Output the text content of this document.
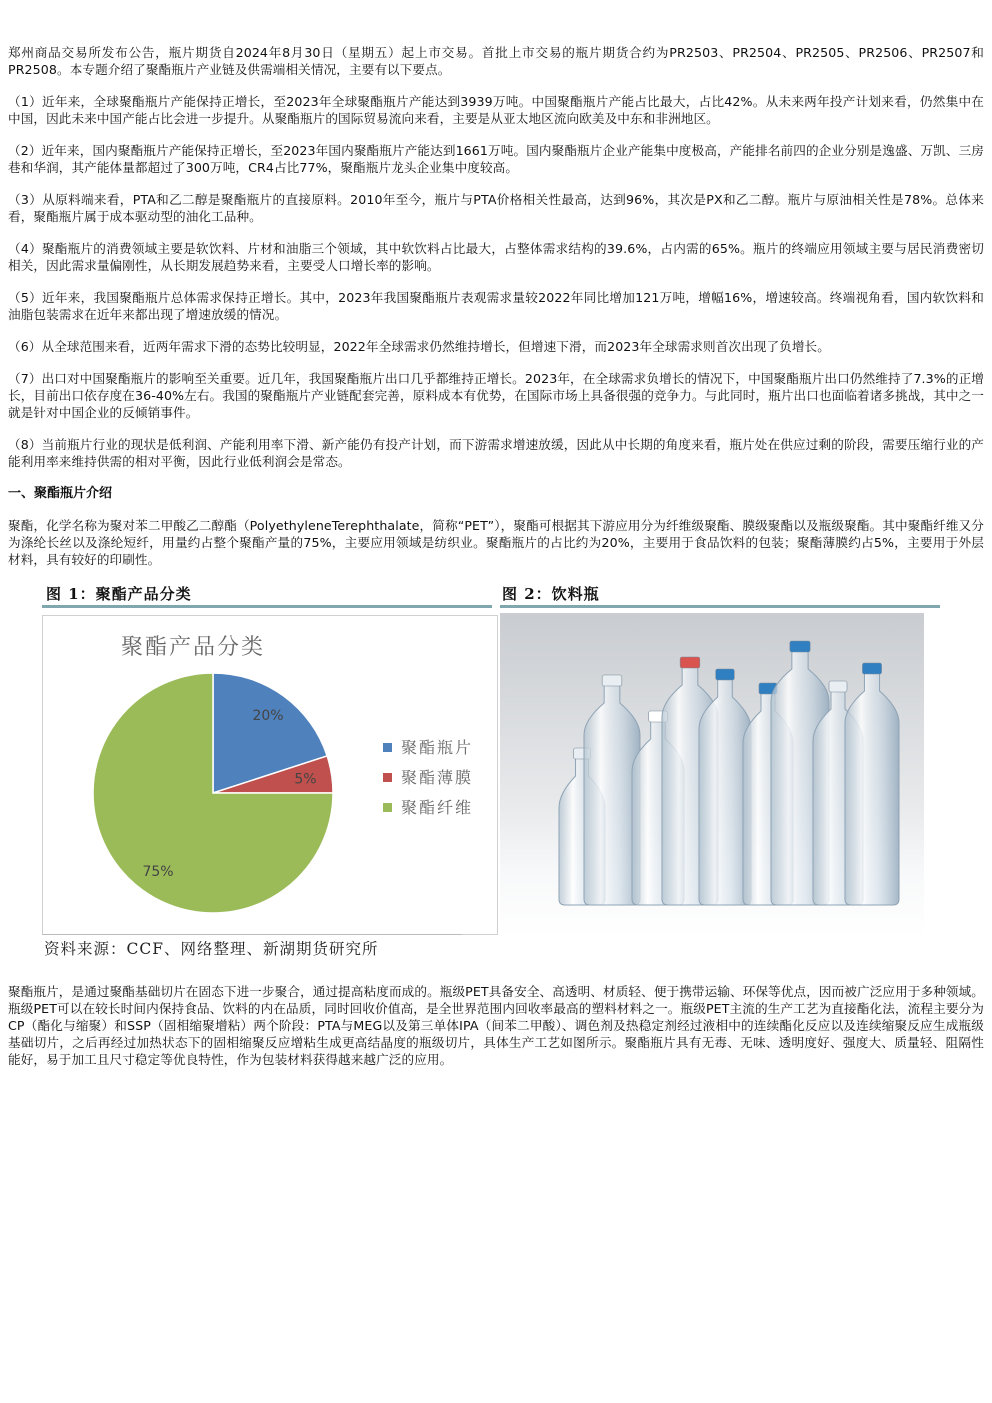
郑州商品交易所发布公告，瓶片期货自2024年8月30日（星期五）起上市交易。首批上市交易的瓶片期货合约为PR2503、PR2504、PR2505、PR2506、PR2507和PR2508。本专题介绍了聚酯瓶片产业链及供需端相关情况，主要有以下要点。

（1）近年来，全球聚酯瓶片产能保持正增长，至2023年全球聚酯瓶片产能达到3939万吨。中国聚酯瓶片产能占比最大，占比42%。从未来两年投产计划来看，仍然集中在中国，因此未来中国产能占比会进一步提升。从聚酯瓶片的国际贸易流向来看，主要是从亚太地区流向欧美及中东和非洲地区。

（2）近年来，国内聚酯瓶片产能保持正增长，至2023年国内聚酯瓶片产能达到1661万吨。国内聚酯瓶片企业产能集中度极高，产能排名前四的企业分别是逸盛、万凯、三房巷和华润，其产能体量都超过了300万吨，CR4占比77%，聚酯瓶片龙头企业集中度较高。

（3）从原料端来看，PTA和乙二醇是聚酯瓶片的直接原料。2010年至今，瓶片与PTA价格相关性最高，达到96%，其次是PX和乙二醇。瓶片与原油相关性是78%。总体来看，聚酯瓶片属于成本驱动型的油化工品种。

（4）聚酯瓶片的消费领域主要是软饮料、片材和油脂三个领域，其中软饮料占比最大，占整体需求结构的39.6%，占内需的65%。瓶片的终端应用领域主要与居民消费密切相关，因此需求量偏刚性，从长期发展趋势来看，主要受人口增长率的影响。

（5）近年来，我国聚酯瓶片总体需求保持正增长。其中，2023年我国聚酯瓶片表观需求量较2022年同比增加121万吨，增幅16%，增速较高。终端视角看，国内软饮料和油脂包装需求在近年来都出现了增速放缓的情况。

（6）从全球范围来看，近两年需求下滑的态势比较明显，2022年全球需求仍然维持增长，但增速下滑，而2023年全球需求则首次出现了负增长。

（7）出口对中国聚酯瓶片的影响至关重要。近几年，我国聚酯瓶片出口几乎都维持正增长。2023年，在全球需求负增长的情况下，中国聚酯瓶片出口仍然维持了7.3%的正增长，目前出口依存度在36-40%左右。我国的聚酯瓶片产业链配套完善，原料成本有优势，在国际市场上具备很强的竞争力。与此同时，瓶片出口也面临着诸多挑战，其中之一就是针对中国企业的反倾销事件。

（8）当前瓶片行业的现状是低利润、产能利用率下滑、新产能仍有投产计划，而下游需求增速放缓，因此从中长期的角度来看，瓶片处在供应过剩的阶段，需要压缩行业的产能利用率来维持供需的相对平衡，因此行业低利润会是常态。

一、聚酯瓶片介绍

聚酯，化学名称为聚对苯二甲酸乙二醇酯（PolyethyleneTerephthalate，简称“PET”），聚酯可根据其下游应用分为纤维级聚酯、膜级聚酯以及瓶级聚酯。其中聚酯纤维又分为涤纶长丝以及涤纶短纤，用量约占整个聚酯产量的75%，主要应用领域是纺织业。聚酯瓶片的占比约为20%，主要用于食品饮料的包装；聚酯薄膜约占5%，主要用于外层材料，具有较好的印刷性。

图 1：聚酯产品分类	图 2：饮料瓶
聚酯产品分类
20%
5%
75%
聚酯瓶片
聚酯薄膜
聚酯纤维
资料来源：CCF、网络整理、新湖期货研究所

聚酯瓶片，是通过聚酯基础切片在固态下进一步聚合，通过提高粘度而成的。瓶级PET具备安全、高透明、材质轻、便于携带运输、环保等优点，因而被广泛应用于多种领域。瓶级PET可以在较长时间内保持食品、饮料的内在品质，同时回收价值高，是全世界范围内回收率最高的塑料材料之一。瓶级PET主流的生产工艺为直接酯化法，流程主要分为CP（酯化与缩聚）和SSP（固相缩聚增粘）两个阶段：PTA与MEG以及第三单体IPA（间苯二甲酸）、调色剂及热稳定剂经过液相中的连续酯化反应以及连续缩聚反应生成瓶级基础切片，之后再经过加热状态下的固相缩聚反应增粘生成更高结晶度的瓶级切片，具体生产工艺如图所示。聚酯瓶片具有无毒、无味、透明度好、强度大、质量轻、阻隔性能好，易于加工且尺寸稳定等优良特性，作为包装材料获得越来越广泛的应用。
